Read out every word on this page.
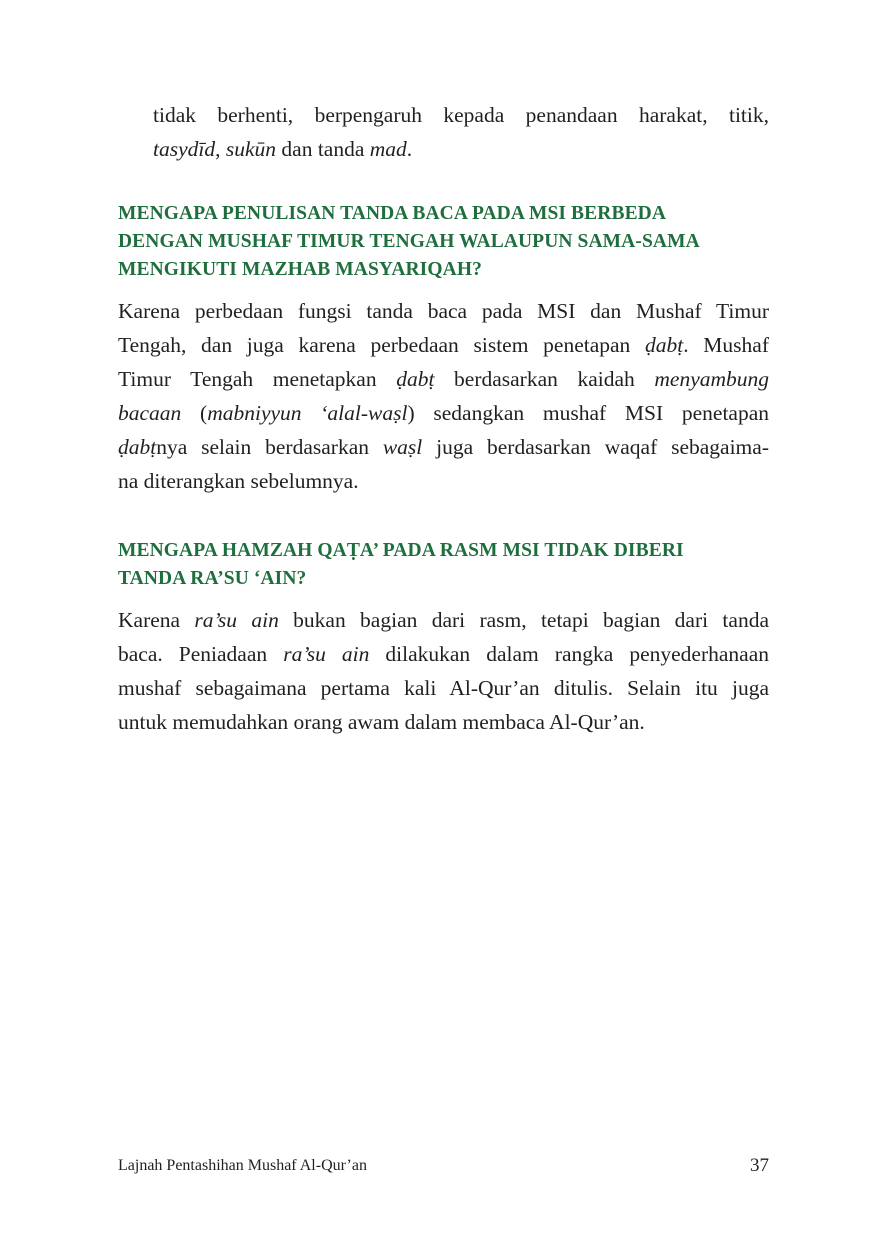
tidak berhenti, berpengaruh kepada penandaan harakat, titik,
tasydīd, sukūn dan tanda mad.
MENGAPA PENULISAN TANDA BACA PADA MSI BERBEDA
DENGAN MUSHAF TIMUR TENGAH WALAUPUN SAMA-SAMA
MENGIKUTI MAZHAB MASYARIQAH?
Karena perbedaan fungsi tanda baca pada MSI dan Mushaf Timur
Tengah, dan juga karena perbedaan sistem penetapan ḍabṭ. Mushaf
Timur Tengah menetapkan ḍabṭ berdasarkan kaidah menyambung
bacaan (mabniyyun ‘alal-waṣl) sedangkan mushaf MSI penetapan
ḍabṭnya selain berdasarkan waṣl juga berdasarkan waqaf sebagaima-
na diterangkan sebelumnya.
MENGAPA HAMZAH QAṬA’ PADA RASM MSI TIDAK DIBERI
TANDA RA’SU ‘AIN?
Karena ra’su ain bukan bagian dari rasm, tetapi bagian dari tanda
baca. Peniadaan ra’su ain dilakukan dalam rangka penyederhanaan
mushaf sebagaimana pertama kali Al-Qur’an ditulis. Selain itu juga
untuk memudahkan orang awam dalam membaca Al-Qur’an.
Lajnah Pentashihan Mushaf Al-Qur’an	37
